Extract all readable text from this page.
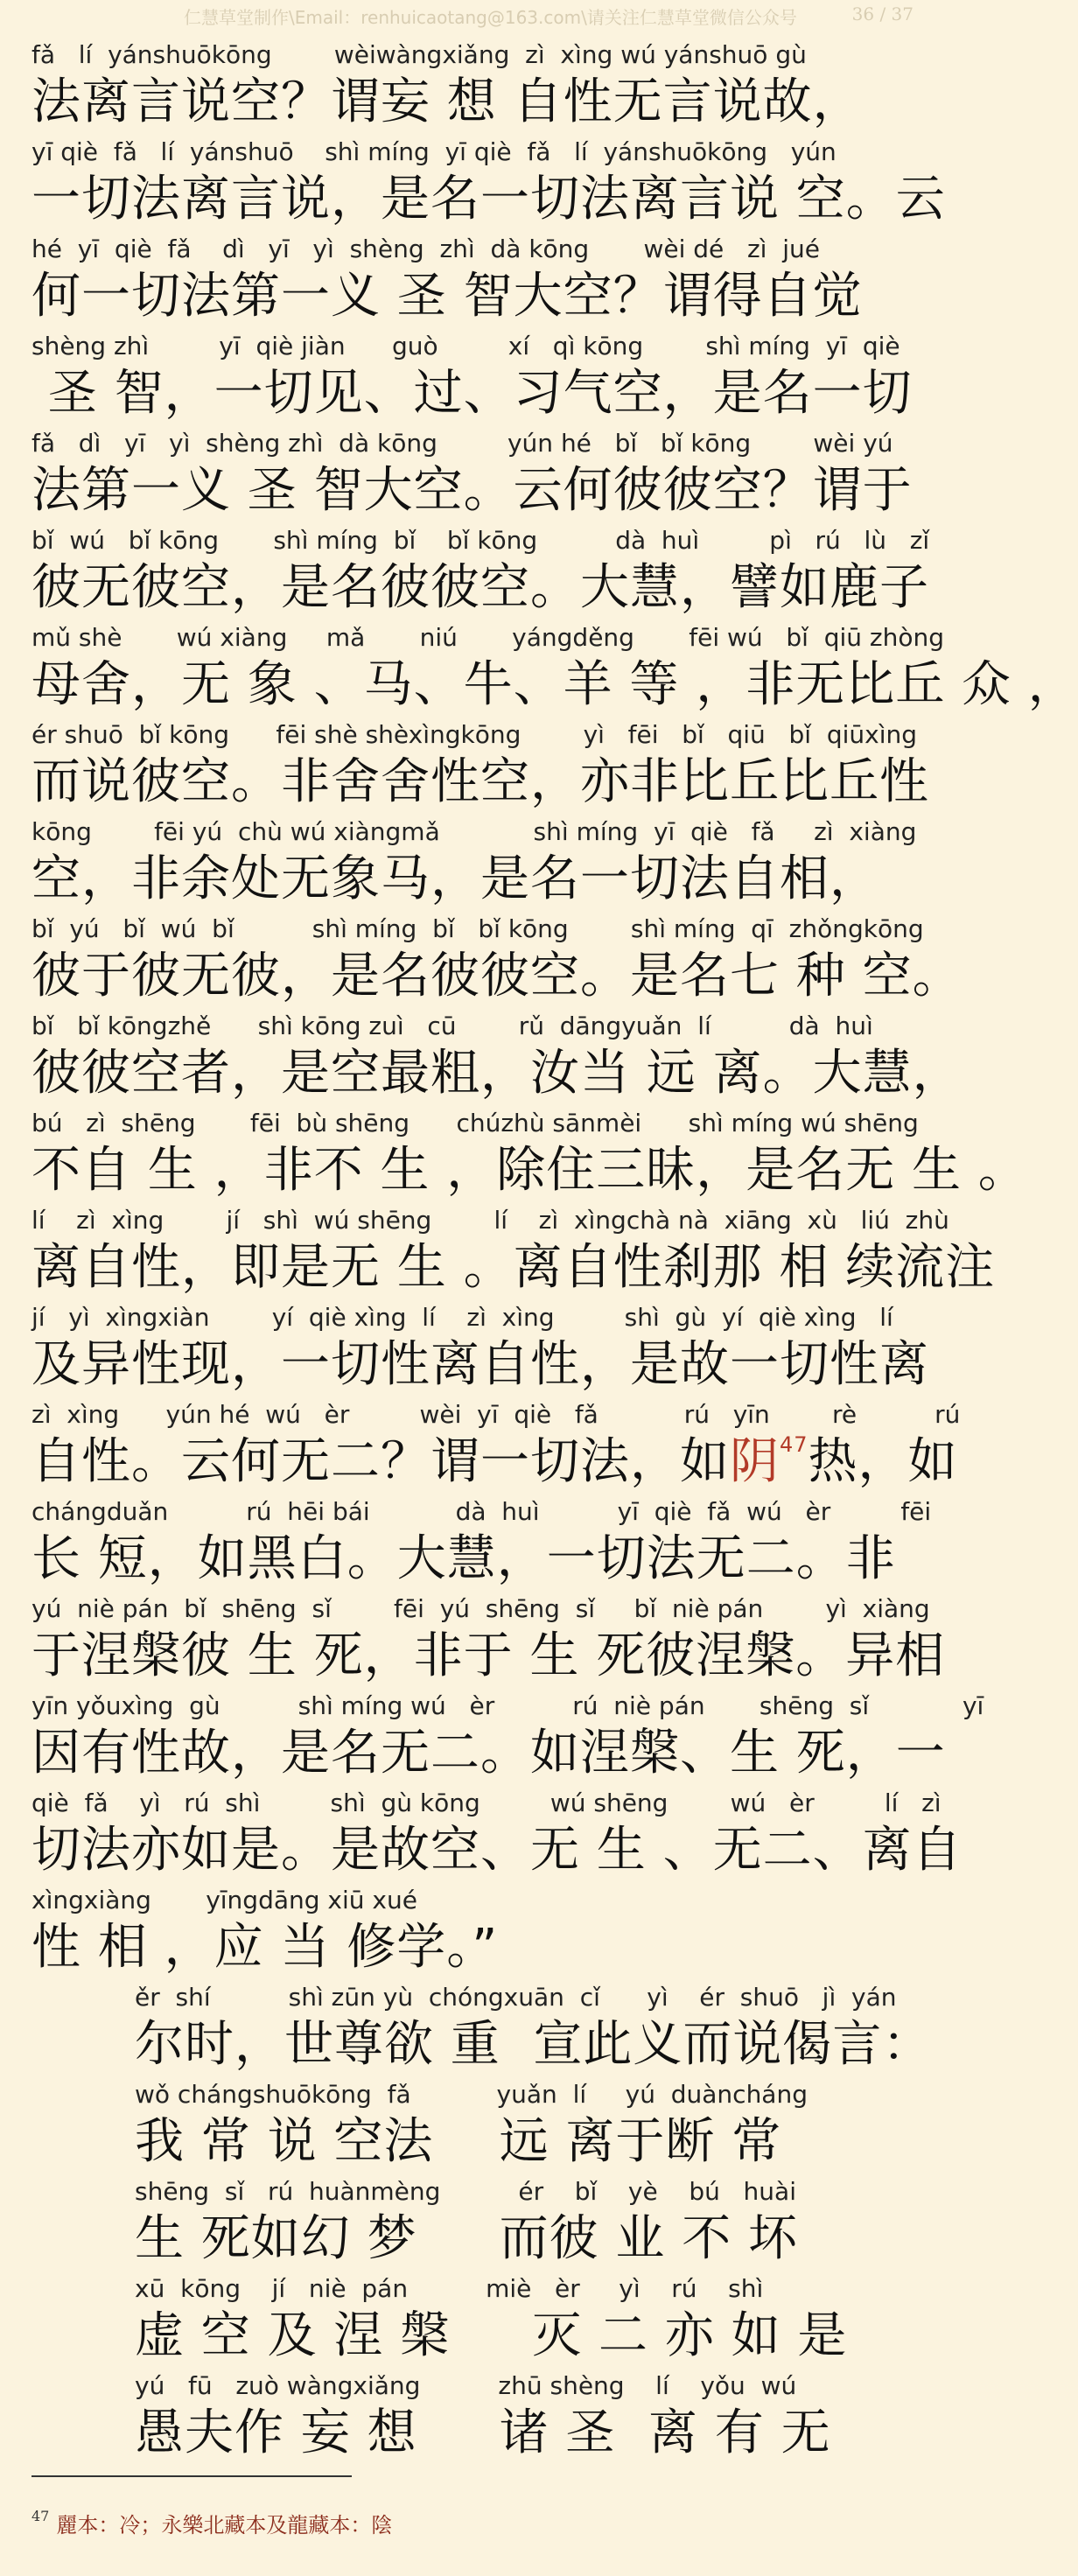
仁慧草堂制作\Email：renhuicaotang@163.com\请关注仁慧草堂微信公众号	36 / 37
fǎ   lí  yánshuōkōng        wèiwàngxiǎng  zì  xìng wú yánshuō gù
法离言说空？谓妄 想 自性无言说故，
yī qiè  fǎ   lí  yánshuō    shì míng  yī qiè  fǎ   lí  yánshuōkōng   yún
一切法离言说，是名一切法离言说 空。云
hé  yī  qiè  fǎ    dì   yī   yì  shèng  zhì  dà kōng       wèi dé   zì  jué
何一切法第一义 圣 智大空？谓得自觉
shèng zhì         yī  qiè jiàn      guò         xí   qì kōng        shì míng  yī  qiè
圣 智，一切见、过、习气空，是名一切
fǎ   dì   yī   yì  shèng zhì  dà kōng         yún hé   bǐ   bǐ kōng        wèi yú
法第一义 圣 智大空。云何彼彼空？谓于
bǐ  wú   bǐ kōng       shì míng  bǐ    bǐ kōng          dà  huì         pì   rú   lù   zǐ
彼无彼空，是名彼彼空。大慧，譬如鹿子
mǔ shè       wú xiàng     mǎ       niú       yángděng       fēi wú   bǐ  qiū zhòng
母舍，无 象 、马、牛、羊 等 ，非无比丘 众 ，
ér shuō  bǐ kōng      fēi shè shèxìngkōng        yì   fēi   bǐ   qiū   bǐ  qiūxìng
而说彼空。非舍舍性空，亦非比丘比丘性
kōng        fēi yú  chù wú xiàngmǎ            shì míng  yī  qiè   fǎ     zì  xiàng
空，非余处无象马，是名一切法自相，
bǐ  yú   bǐ  wú  bǐ          shì míng  bǐ   bǐ kōng        shì míng  qī  zhǒngkōng
彼于彼无彼，是名彼彼空。是名七 种 空。
bǐ   bǐ kōngzhě      shì kōng zuì   cū        rǔ  dāngyuǎn  lí          dà  huì
彼彼空者，是空最粗，汝当 远 离。大慧，
bú   zì  shēng       fēi  bù shēng      chúzhù sānmèi      shì míng wú shēng
不自 生 ，非不 生 ，除住三昧，是名无 生 。
lí    zì  xìng        jí   shì  wú shēng        lí    zì  xìngchà nà  xiāng  xù   liú  zhù
离自性，即是无 生 。离自性刹那 相 续流注
jí   yì  xìngxiàn        yí  qiè xìng  lí    zì  xìng         shì  gù  yí  qiè xìng   lí
及异性现，一切性离自性，是故一切性离
zì  xìng      yún hé  wú   èr         wèi  yī  qiè   fǎ           rú   yīn        rè          rú
自性。云何无二？谓一切法，如阴$^{47}$热，如
chángduǎn          rú  hēi bái           dà  huì          yī  qiè  fǎ  wú   èr         fēi
长 短，如黑白。大慧，一切法无二。非
yú  niè pán  bǐ  shēng  sǐ        fēi  yú  shēng  sǐ     bǐ  niè pán        yì  xiàng
于涅槃彼 生 死，非于 生 死彼涅槃。异相
yīn yǒuxìng  gù          shì míng wú   èr          rú  niè pán       shēng  sǐ            yī
因有性故，是名无二。如涅槃、生 死，一
qiè  fǎ    yì   rú  shì         shì  gù kōng         wú shēng        wú   èr         lí   zì
切法亦如是。是故空、无 生 、无二、离自
xìngxiàng       yīngdāng xiū xué
性 相 ，应 当 修学。”
ěr  shí          shì zūn yù  chóngxuān  cǐ      yì    ér  shuō   jì  yán
尔时，世尊欲 重  宣此义而说偈言：
wǒ chángshuōkōng  fǎ           yuǎn  lí     yú  duàncháng
我 常 说 空法    远 离于断 常
shēng  sǐ   rú  huànmèng          ér    bǐ    yè    bú   huài
生 死如幻 梦     而彼 业 不 坏
xū  kōng    jí   niè  pán          miè   èr     yì    rú    shì
虚 空 及 涅 槃     灭 二 亦 如 是
yú   fū   zuò wàngxiǎng          zhū shèng    lí    yǒu  wú
愚夫作 妄 想     诸 圣  离 有 无
$^{47}$ 麗本：冷；永樂北藏本及龍藏本：陰
